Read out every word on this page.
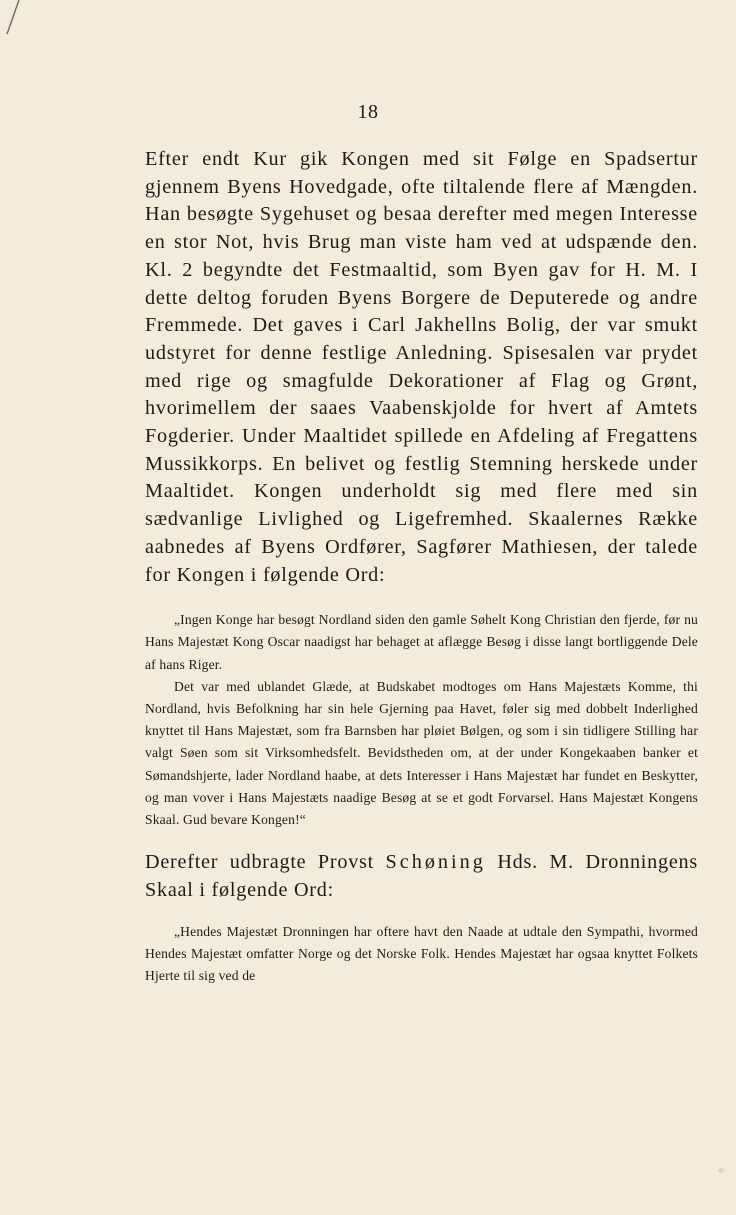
18

Efter endt Kur gik Kongen med sit Følge en Spadsertur gjennem Byens Hovedgade, ofte tiltalende flere af Mængden. Han besøgte Sygehuset og besaa derefter med megen Interesse en stor Not, hvis Brug man viste ham ved at udspænde den. Kl. 2 begyndte det Festmaaltid, som Byen gav for H. M. I dette deltog foruden Byens Borgere de Deputerede og andre Fremmede. Det gaves i Carl Jakhellns Bolig, der var smukt udstyret for denne festlige Anledning. Spisesalen var prydet med rige og smagfulde Dekorationer af Flag og Grønt, hvorimellem der saaes Vaabenskjolde for hvert af Amtets Fogderier. Under Maaltidet spillede en Afdeling af Fregattens Mussikkorps. En belivet og festlig Stemning herskede under Maaltidet. Kongen underholdt sig med flere med sin sædvanlige Livlighed og Ligefremhed. Skaalernes Række aabnedes af Byens Ordfører, Sagfører Mathiesen, der talede for Kongen i følgende Ord:

„Ingen Konge har besøgt Nordland siden den gamle Søhelt Kong Christian den fjerde, før nu Hans Majestæt Kong Oscar naadigst har behaget at aflægge Besøg i disse langt bortliggende Dele af hans Riger.

Det var med ublandet Glæde, at Budskabet modtoges om Hans Majestæts Komme, thi Nordland, hvis Befolkning har sin hele Gjerning paa Havet, føler sig med dobbelt Inderlighed knyttet til Hans Majestæt, som fra Barnsben har pløiet Bølgen, og som i sin tidligere Stilling har valgt Søen som sit Virksomhedsfelt. Bevidstheden om, at der under Kongekaaben banker et Sømandshjerte, lader Nordland haabe, at dets Interesser i Hans Majestæt har fundet en Beskytter, og man vover i Hans Majestæts naadige Besøg at se et godt Forvarsel. Hans Majestæt Kongens Skaal. Gud bevare Kongen!“

Derefter udbragte Provst Schøning Hds. M. Dronningens Skaal i følgende Ord:

„Hendes Majestæt Dronningen har oftere havt den Naade at udtale den Sympathi, hvormed Hendes Majestæt omfatter Norge og det Norske Folk. Hendes Majestæt har ogsaa knyttet Folkets Hjerte til sig ved de
